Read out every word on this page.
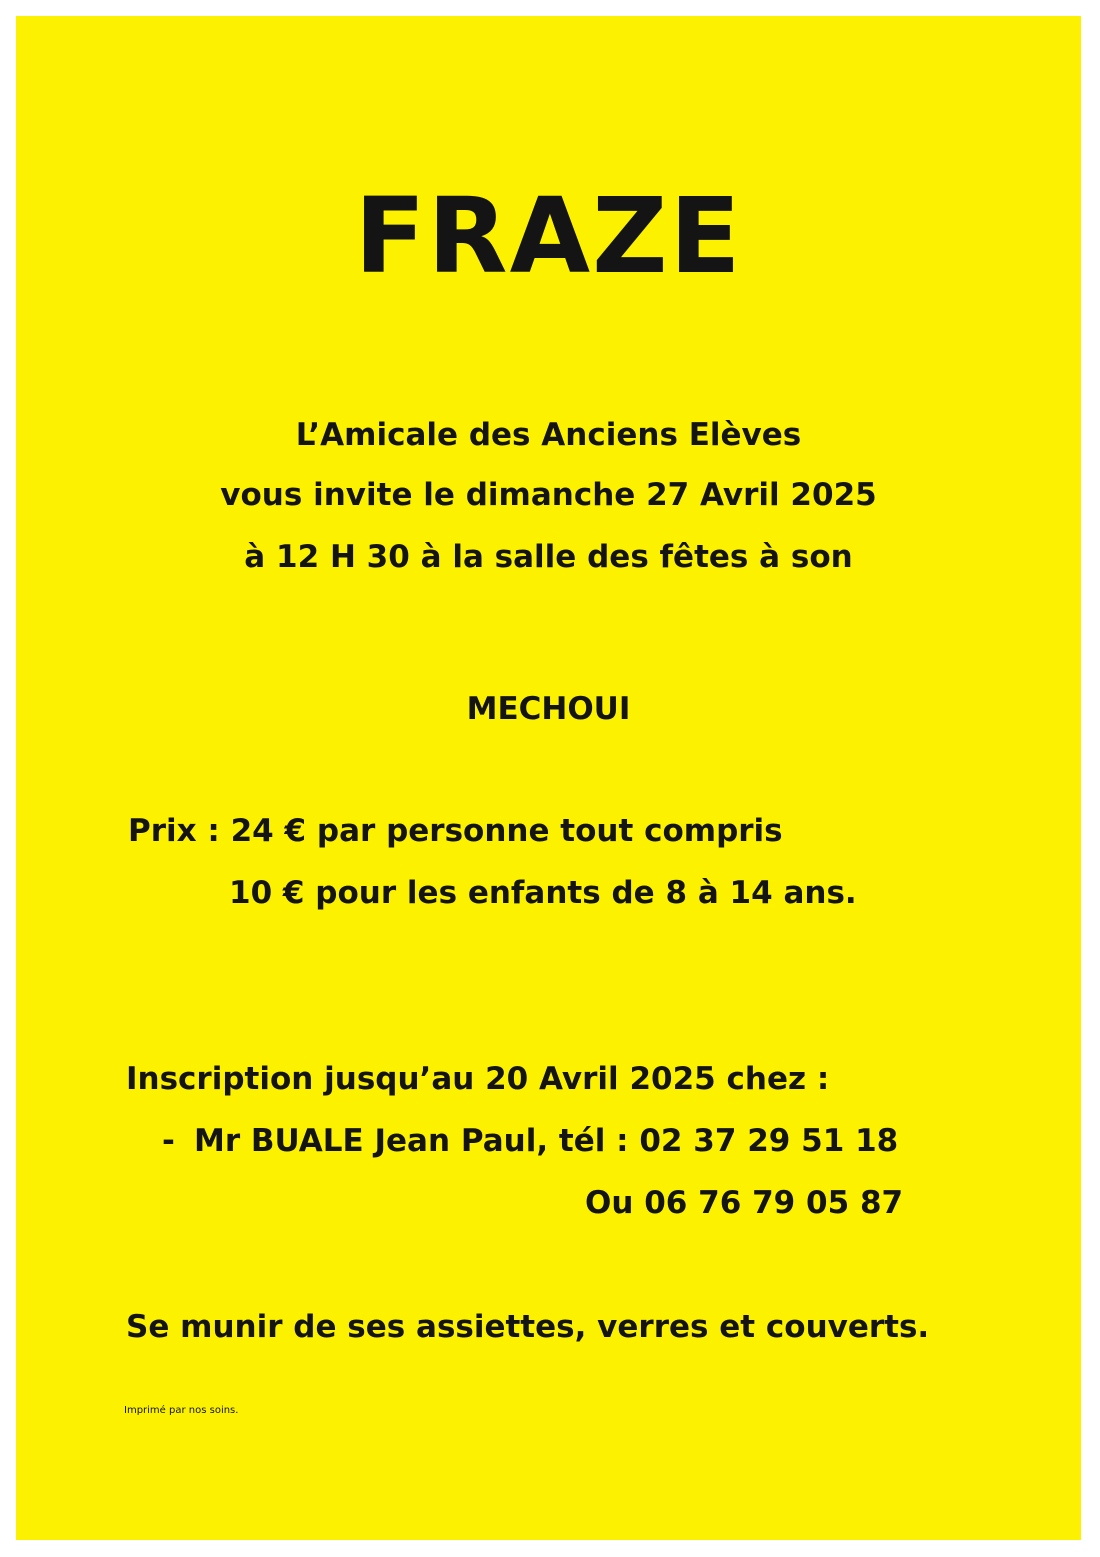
FRAZE
L’Amicale des Anciens Elèves
vous invite le dimanche 27 Avril 2025
à 12 H 30 à la salle des fêtes à son
MECHOUI
Prix : 24 € par personne tout compris
10 € pour les enfants de 8 à 14 ans.
Inscription jusqu’au 20 Avril 2025 chez :
- Mr BUALE Jean Paul, tél : 02 37 29 51 18
Ou 06 76 79 05 87
Se munir de ses assiettes, verres et couverts.
Imprimé par nos soins.
